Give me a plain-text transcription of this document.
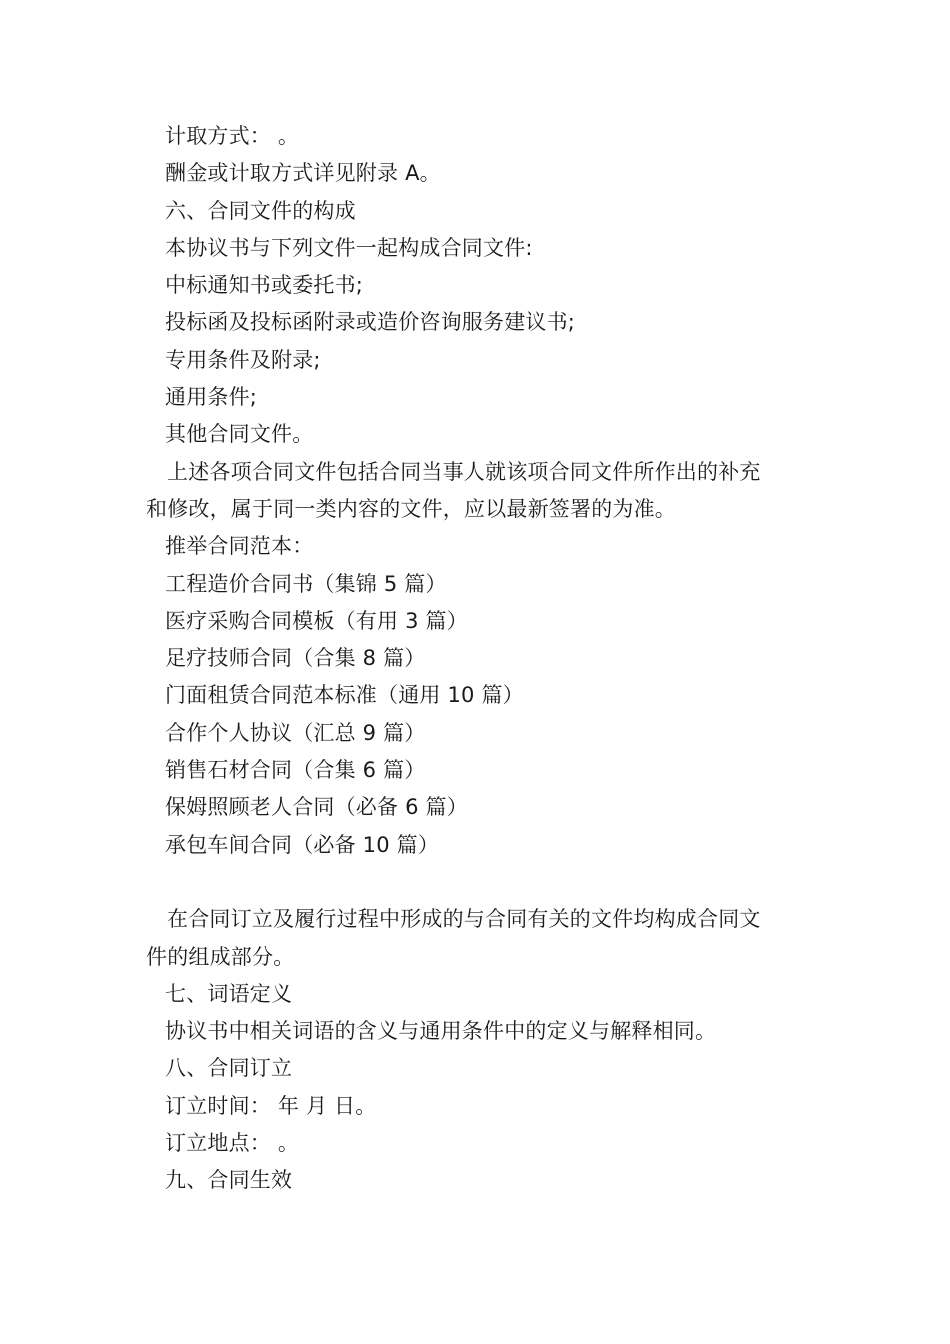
计取方式： 。
酬金或计取方式详见附录 A。
六、合同文件的构成
本协议书与下列文件一起构成合同文件:
中标通知书或委托书;
投标函及投标函附录或造价咨询服务建议书;
专用条件及附录;
通用条件;
其他合同文件。
上述各项合同文件包括合同当事人就该项合同文件所作出的补充
和修改，属于同一类内容的文件，应以最新签署的为准。
推举合同范本：
工程造价合同书（集锦 5 篇）
医疗采购合同模板（有用 3 篇）
足疗技师合同（合集 8 篇）
门面租赁合同范本标准（通用 10 篇）
合作个人协议（汇总 9 篇）
销售石材合同（合集 6 篇）
保姆照顾老人合同（必备 6 篇）
承包车间合同（必备 10 篇）
在合同订立及履行过程中形成的与合同有关的文件均构成合同文
件的组成部分。
七、词语定义
协议书中相关词语的含义与通用条件中的定义与解释相同。
八、合同订立
订立时间： 年 月 日。
订立地点： 。
九、合同生效
